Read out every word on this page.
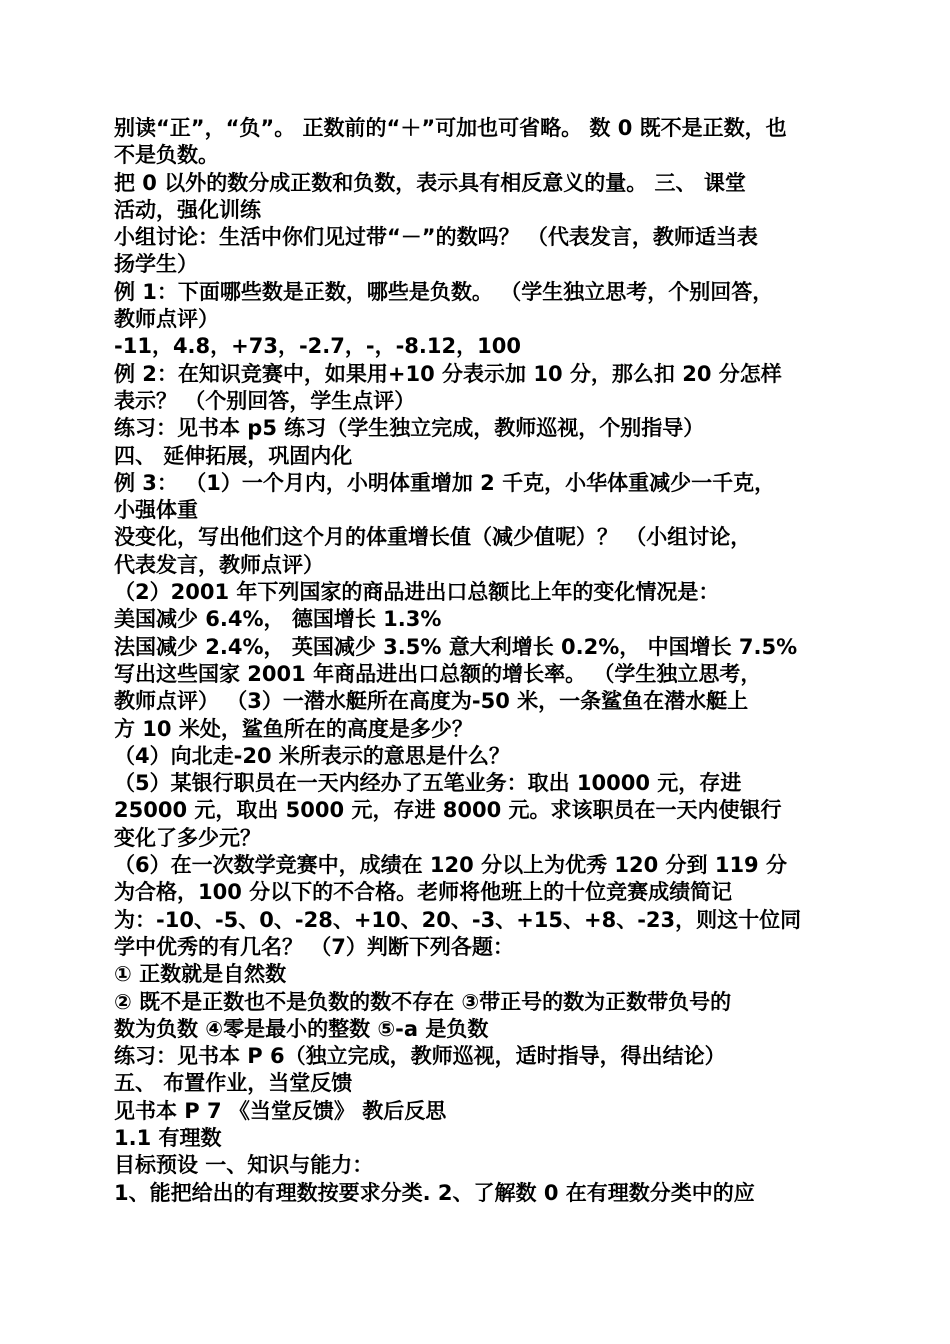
别读“正”，“负”。 正数前的“＋”可加也可省略。 数 0 既不是正数，也
不是负数。
把 0 以外的数分成正数和负数，表示具有相反意义的量。 三、 课堂
活动，强化训练
小组讨论：生活中你们见过带“－”的数吗？ （代表发言，教师适当表
扬学生）
例 1：下面哪些数是正数，哪些是负数。 （学生独立思考，个别回答，
教师点评）
-11，4.8，+73，-2.7，-，-8.12，100
例 2：在知识竞赛中，如果用+10 分表示加 10 分，那么扣 20 分怎样
表示？ （个别回答，学生点评）
练习：见书本 p5 练习（学生独立完成，教师巡视，个别指导）
四、 延伸拓展，巩固内化
例 3： （1）一个月内，小明体重增加 2 千克，小华体重减少一千克，
小强体重
没变化，写出他们这个月的体重增长值（减少值呢）？ （小组讨论，
代表发言，教师点评）
（2）2001 年下列国家的商品进出口总额比上年的变化情况是：
美国减少 6.4%， 德国增长 1.3%
法国减少 2.4%， 英国减少 3.5% 意大利增长 0.2%， 中国增长 7.5%
写出这些国家 2001 年商品进出口总额的增长率。 （学生独立思考，
教师点评） （3）一潜水艇所在高度为-50 米，一条鲨鱼在潜水艇上
方 10 米处，鲨鱼所在的高度是多少？
（4）向北走-20 米所表示的意思是什么？
（5）某银行职员在一天内经办了五笔业务：取出 10000 元，存进
25000 元，取出 5000 元，存进 8000 元。求该职员在一天内使银行
变化了多少元？
（6）在一次数学竞赛中，成绩在 120 分以上为优秀 120 分到 119 分
为合格，100 分以下的不合格。老师将他班上的十位竞赛成绩简记
为：-10、-5、0、-28、+10、20、-3、+15、+8、-23，则这十位同
学中优秀的有几名？ （7）判断下列各题：
① 正数就是自然数
② 既不是正数也不是负数的数不存在 ③带正号的数为正数带负号的
数为负数 ④零是最小的整数 ⑤-a 是负数
练习：见书本 P 6（独立完成，教师巡视，适时指导，得出结论）
五、 布置作业，当堂反馈
见书本 P 7 《当堂反馈》 教后反思
1.1 有理数
目标预设 一、知识与能力：
1、能把给出的有理数按要求分类. 2、了解数 0 在有理数分类中的应
